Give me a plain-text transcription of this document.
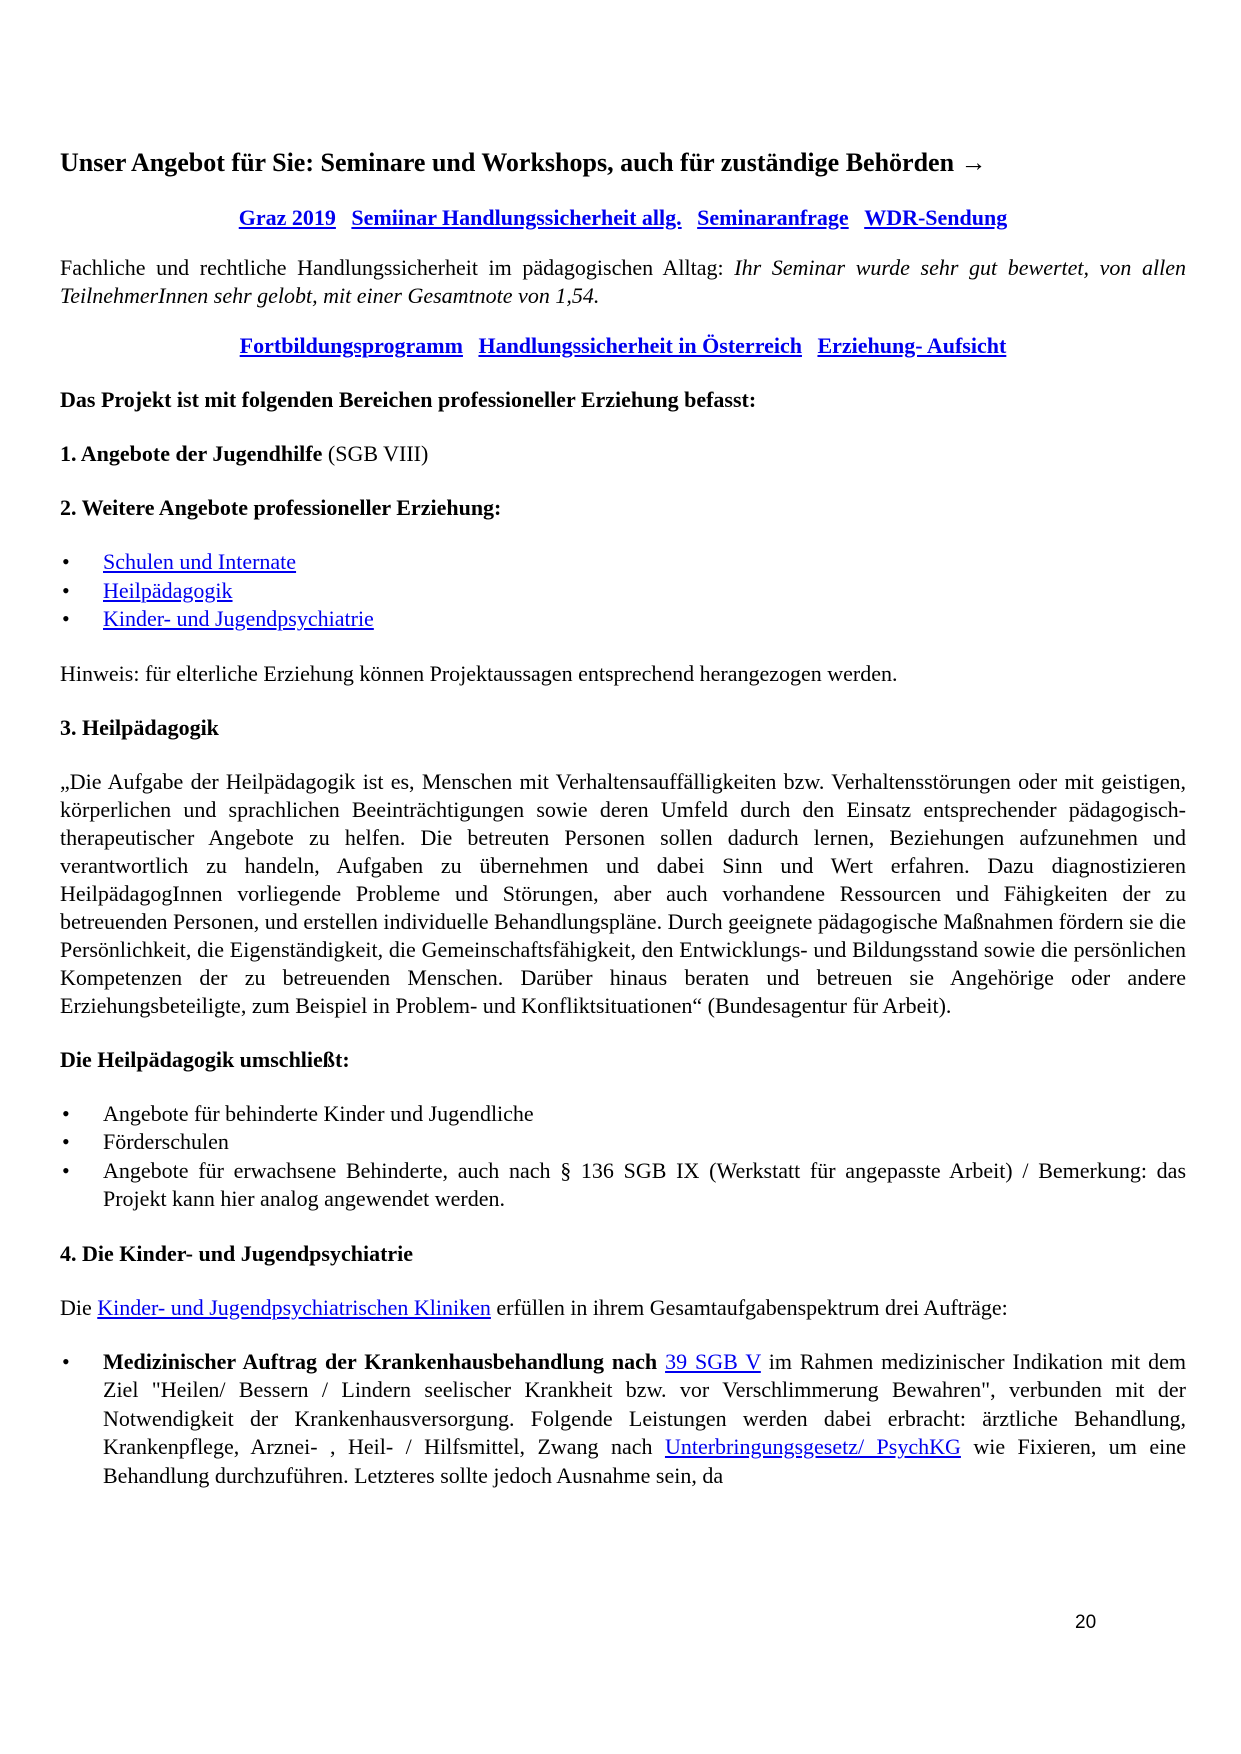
Unser Angebot für Sie: Seminare und Workshops, auch für zuständige Behörden →

Graz 2019 Semiinar Handlungssicherheit allg. Seminaranfrage WDR-Sendung

Fachliche und rechtliche Handlungssicherheit im pädagogischen Alltag: Ihr Seminar wurde sehr gut bewertet, von allen TeilnehmerInnen sehr gelobt, mit einer Gesamtnote von 1,54.

Fortbildungsprogramm Handlungssicherheit in Österreich Erziehung- Aufsicht

Das Projekt ist mit folgenden Bereichen professioneller Erziehung befasst:

1. Angebote der Jugendhilfe (SGB VIII)

2. Weitere Angebote professioneller Erziehung:

• Schulen und Internate
• Heilpädagogik
• Kinder- und Jugendpsychiatrie

Hinweis: für elterliche Erziehung können Projektaussagen entsprechend herangezogen werden.

3. Heilpädagogik

„Die Aufgabe der Heilpädagogik ist es, Menschen mit Verhaltensauffälligkeiten bzw. Verhaltensstörungen oder mit geistigen, körperlichen und sprachlichen Beeinträchtigungen sowie deren Umfeld durch den Einsatz entsprechender pädagogisch-therapeutischer Angebote zu helfen. Die betreuten Personen sollen dadurch lernen, Beziehungen aufzunehmen und verantwortlich zu handeln, Aufgaben zu übernehmen und dabei Sinn und Wert erfahren. Dazu diagnostizieren HeilpädagogInnen vorliegende Probleme und Störungen, aber auch vorhandene Ressourcen und Fähigkeiten der zu betreuenden Personen, und erstellen individuelle Behandlungspläne. Durch geeignete pädagogische Maßnahmen fördern sie die Persönlichkeit, die Eigenständigkeit, die Gemeinschaftsfähigkeit, den Entwicklungs- und Bildungsstand sowie die persönlichen Kompetenzen der zu betreuenden Menschen. Darüber hinaus beraten und betreuen sie Angehörige oder andere Erziehungsbeteiligte, zum Beispiel in Problem- und Konfliktsituationen“ (Bundesagentur für Arbeit).

Die Heilpädagogik umschließt:

• Angebote für behinderte Kinder und Jugendliche
• Förderschulen
• Angebote für erwachsene Behinderte, auch nach § 136 SGB IX (Werkstatt für angepasste Arbeit) / Bemerkung: das Projekt kann hier analog angewendet werden.

4. Die Kinder- und Jugendpsychiatrie

Die Kinder- und Jugendpsychiatrischen Kliniken erfüllen in ihrem Gesamtaufgabenspektrum drei Aufträge:

• Medizinischer Auftrag der Krankenhausbehandlung nach 39 SGB V im Rahmen medizinischer Indikation mit dem Ziel "Heilen/ Bessern / Lindern seelischer Krankheit bzw. vor Verschlimmerung Bewahren", verbunden mit der Notwendigkeit der Krankenhausversorgung. Folgende Leistungen werden dabei erbracht: ärztliche Behandlung, Krankenpflege, Arznei- , Heil- / Hilfsmittel, Zwang nach Unterbringungsgesetz/ PsychKG wie Fixieren, um eine Behandlung durchzuführen. Letzteres sollte jedoch Ausnahme sein, da
20
